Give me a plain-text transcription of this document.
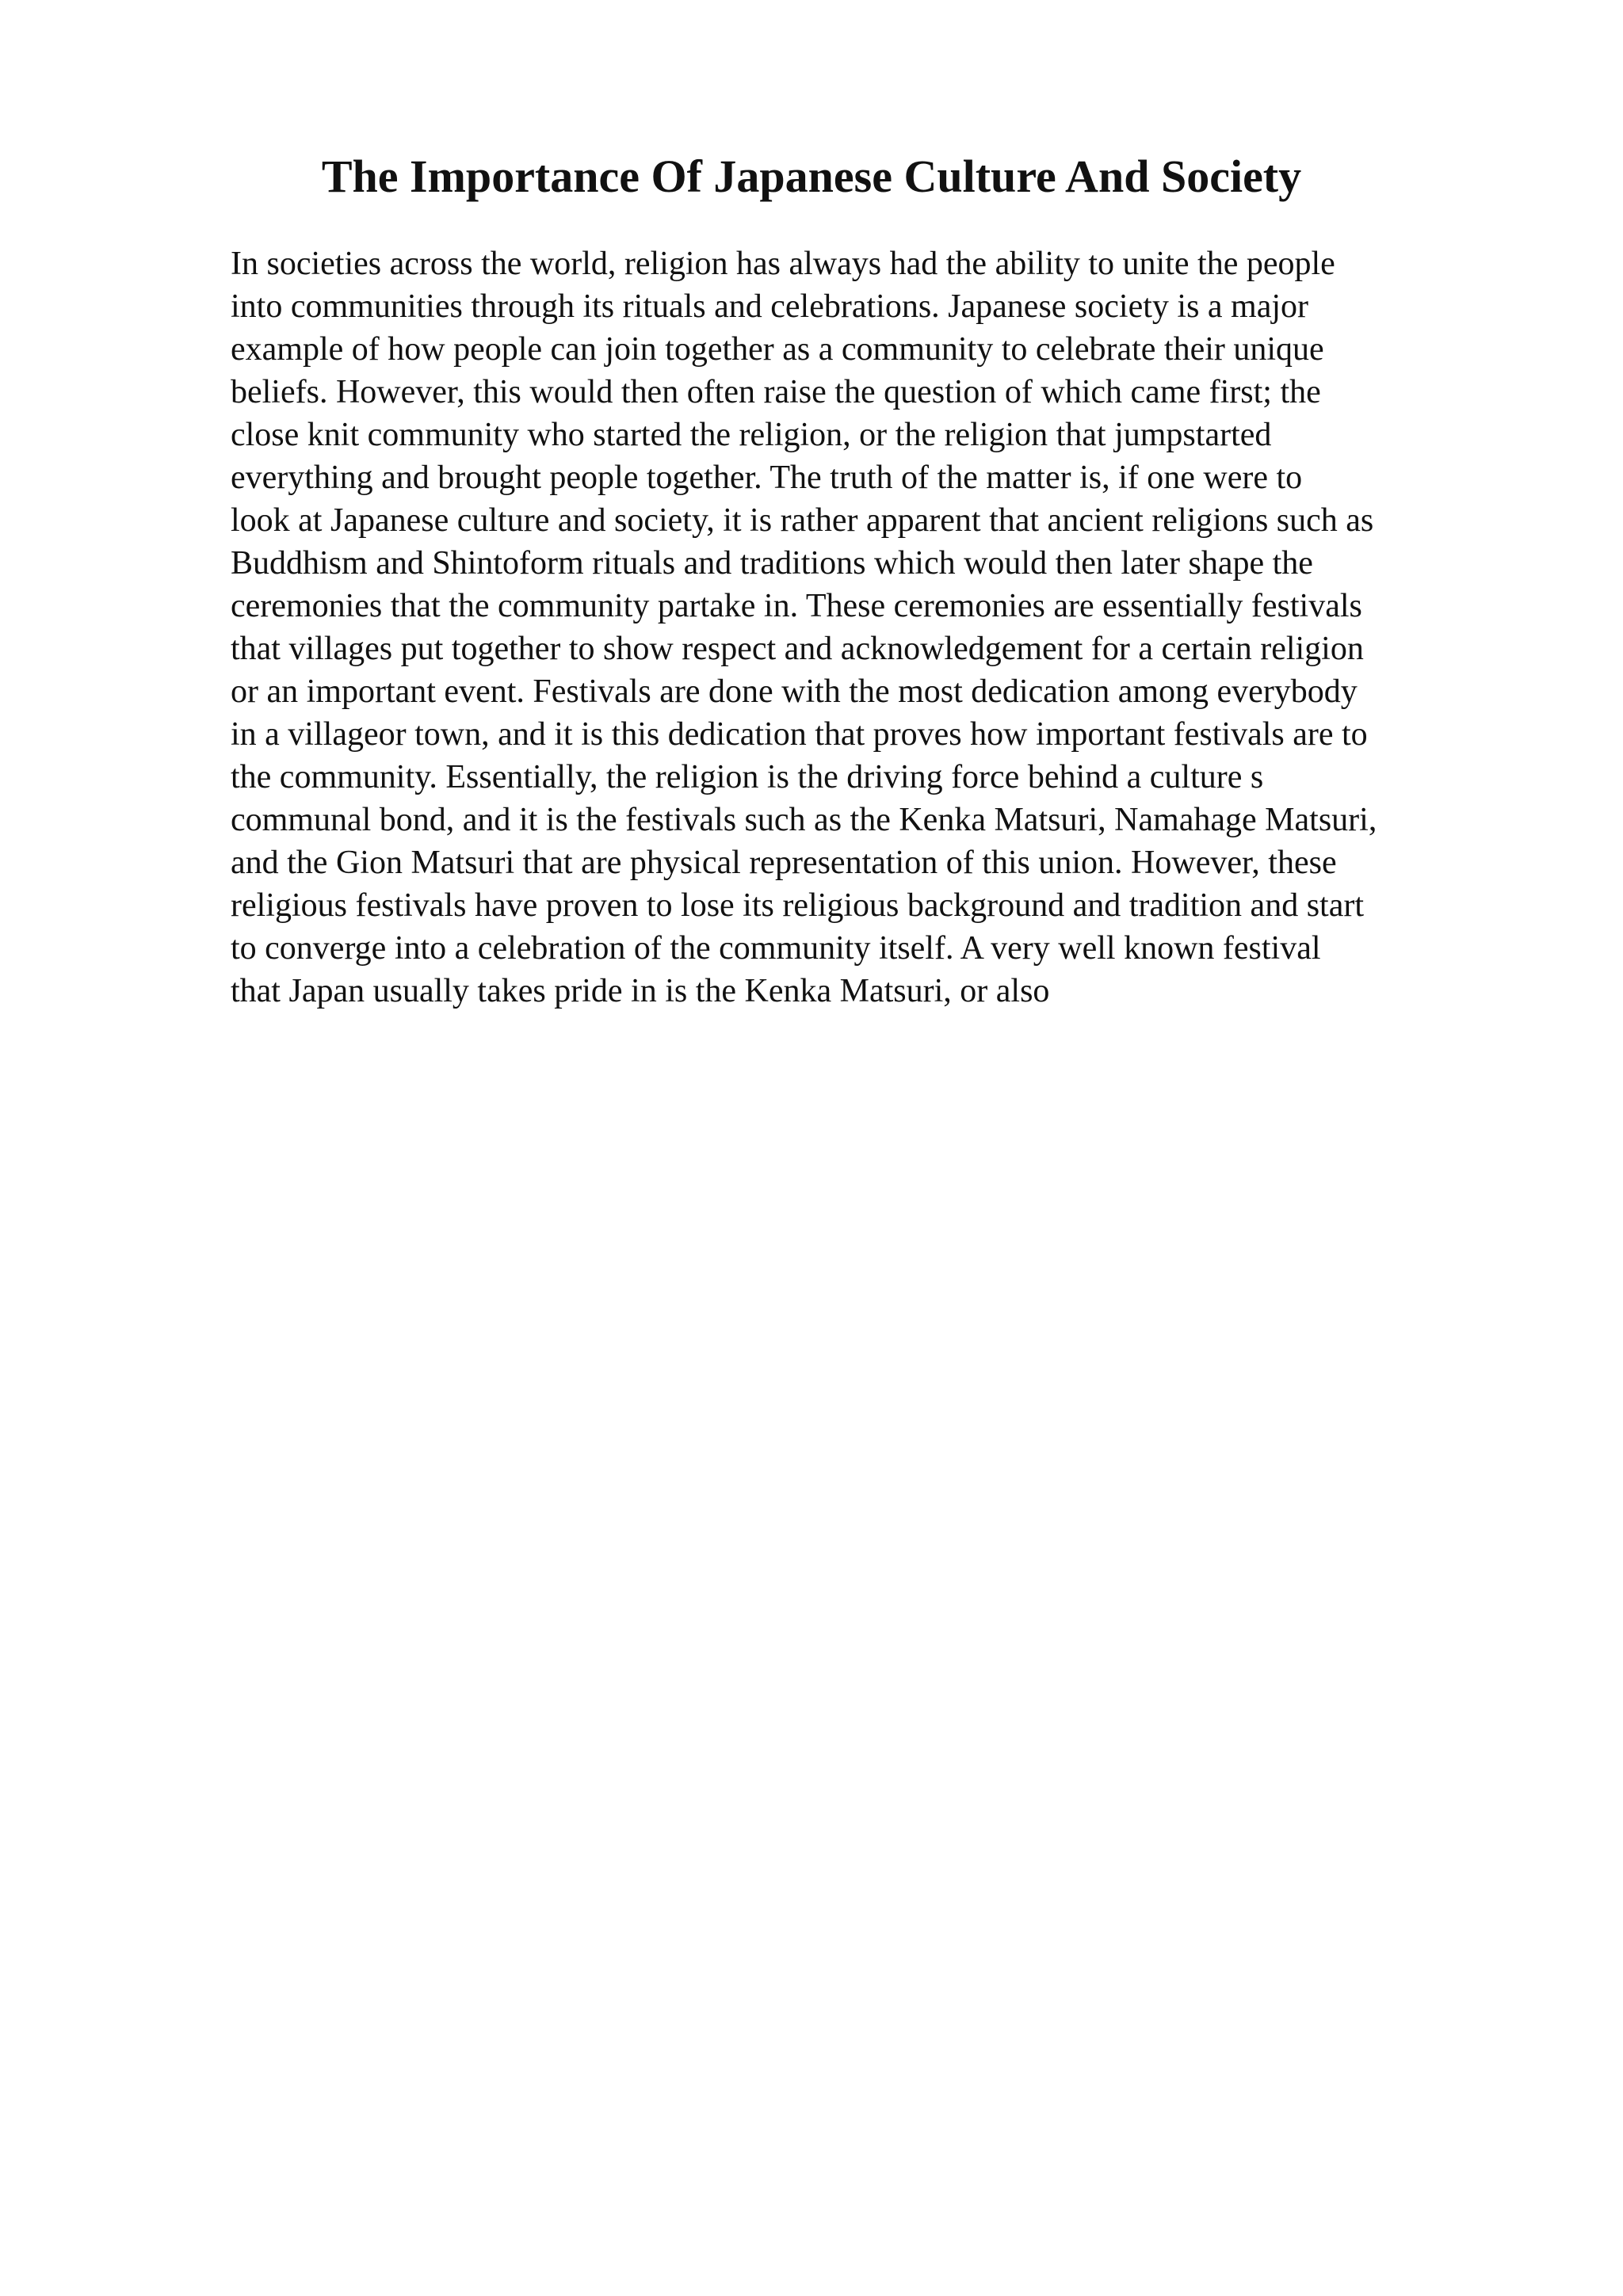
The Importance Of Japanese Culture And Society
In societies across the world, religion has always had the ability to unite the people
into communities through its rituals and celebrations. Japanese society is a major
example of how people can join together as a community to celebrate their unique
beliefs. However, this would then often raise the question of which came first; the
close knit community who started the religion, or the religion that jumpstarted
everything and brought people together. The truth of the matter is, if one were to
look at Japanese culture and society, it is rather apparent that ancient religions such as
Buddhism and Shintoform rituals and traditions which would then later shape the
ceremonies that the community partake in. These ceremonies are essentially festivals
that villages put together to show respect and acknowledgement for a certain religion
or an important event. Festivals are done with the most dedication among everybody
in a villageor town, and it is this dedication that proves how important festivals are to
the community. Essentially, the religion is the driving force behind a culture s
communal bond, and it is the festivals such as the Kenka Matsuri, Namahage Matsuri,
and the Gion Matsuri that are physical representation of this union. However, these
religious festivals have proven to lose its religious background and tradition and start
to converge into a celebration of the community itself. A very well known festival
that Japan usually takes pride in is the Kenka Matsuri, or also
